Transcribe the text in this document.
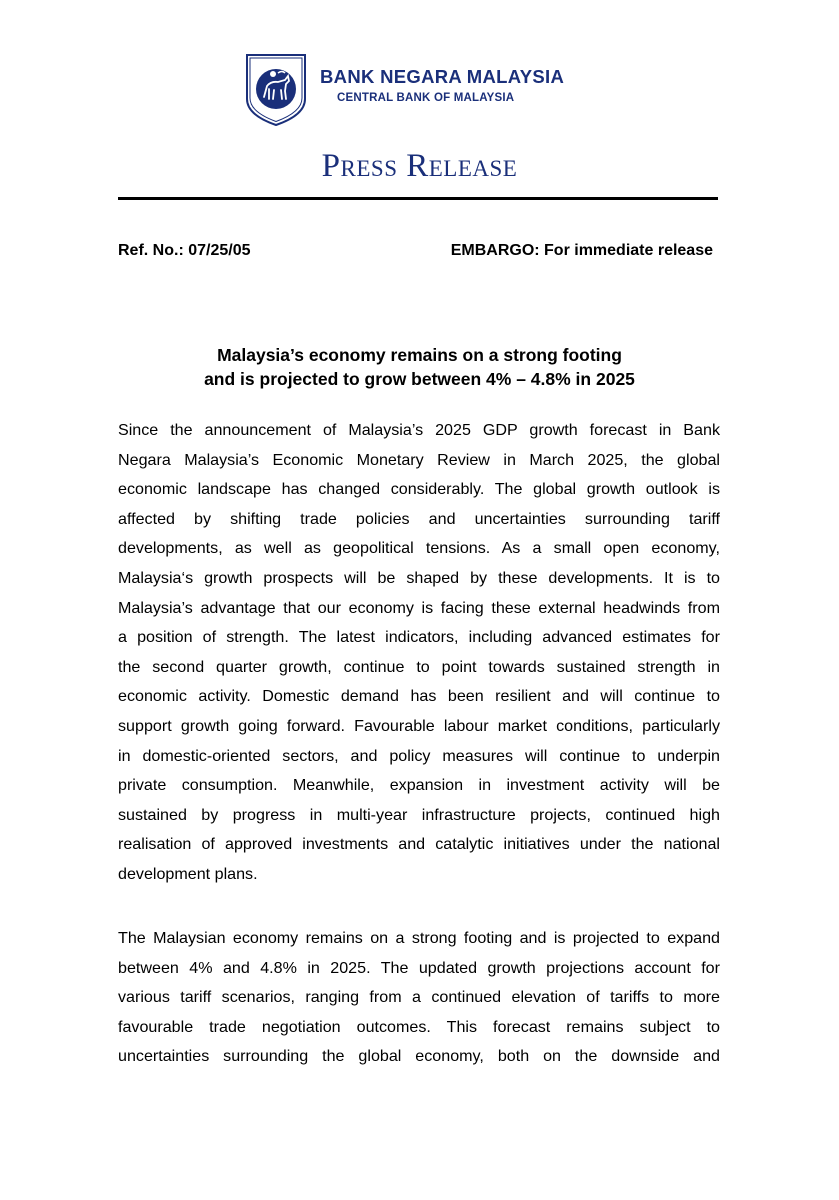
BANK NEGARA MALAYSIA
CENTRAL BANK OF MALAYSIA
Press Release
Ref. No.: 07/25/05	EMBARGO: For immediate release
Malaysia’s economy remains on a strong footing
and is projected to grow between 4% – 4.8% in 2025
Since the announcement of Malaysia’s 2025 GDP growth forecast in Bank
Negara Malaysia’s Economic Monetary Review in March 2025, the global
economic landscape has changed considerably. The global growth outlook is
affected by shifting trade policies and uncertainties surrounding tariff
developments, as well as geopolitical tensions. As a small open economy,
Malaysia‘s growth prospects will be shaped by these developments. It is to
Malaysia’s advantage that our economy is facing these external headwinds from
a position of strength. The latest indicators, including advanced estimates for
the second quarter growth, continue to point towards sustained strength in
economic activity. Domestic demand has been resilient and will continue to
support growth going forward. Favourable labour market conditions, particularly
in domestic-oriented sectors, and policy measures will continue to underpin
private consumption. Meanwhile, expansion in investment activity will be
sustained by progress in multi-year infrastructure projects, continued high
realisation of approved investments and catalytic initiatives under the national
development plans.
The Malaysian economy remains on a strong footing and is projected to expand
between 4% and 4.8% in 2025. The updated growth projections account for
various tariff scenarios, ranging from a continued elevation of tariffs to more
favourable trade negotiation outcomes. This forecast remains subject to
uncertainties surrounding the global economy, both on the downside and
